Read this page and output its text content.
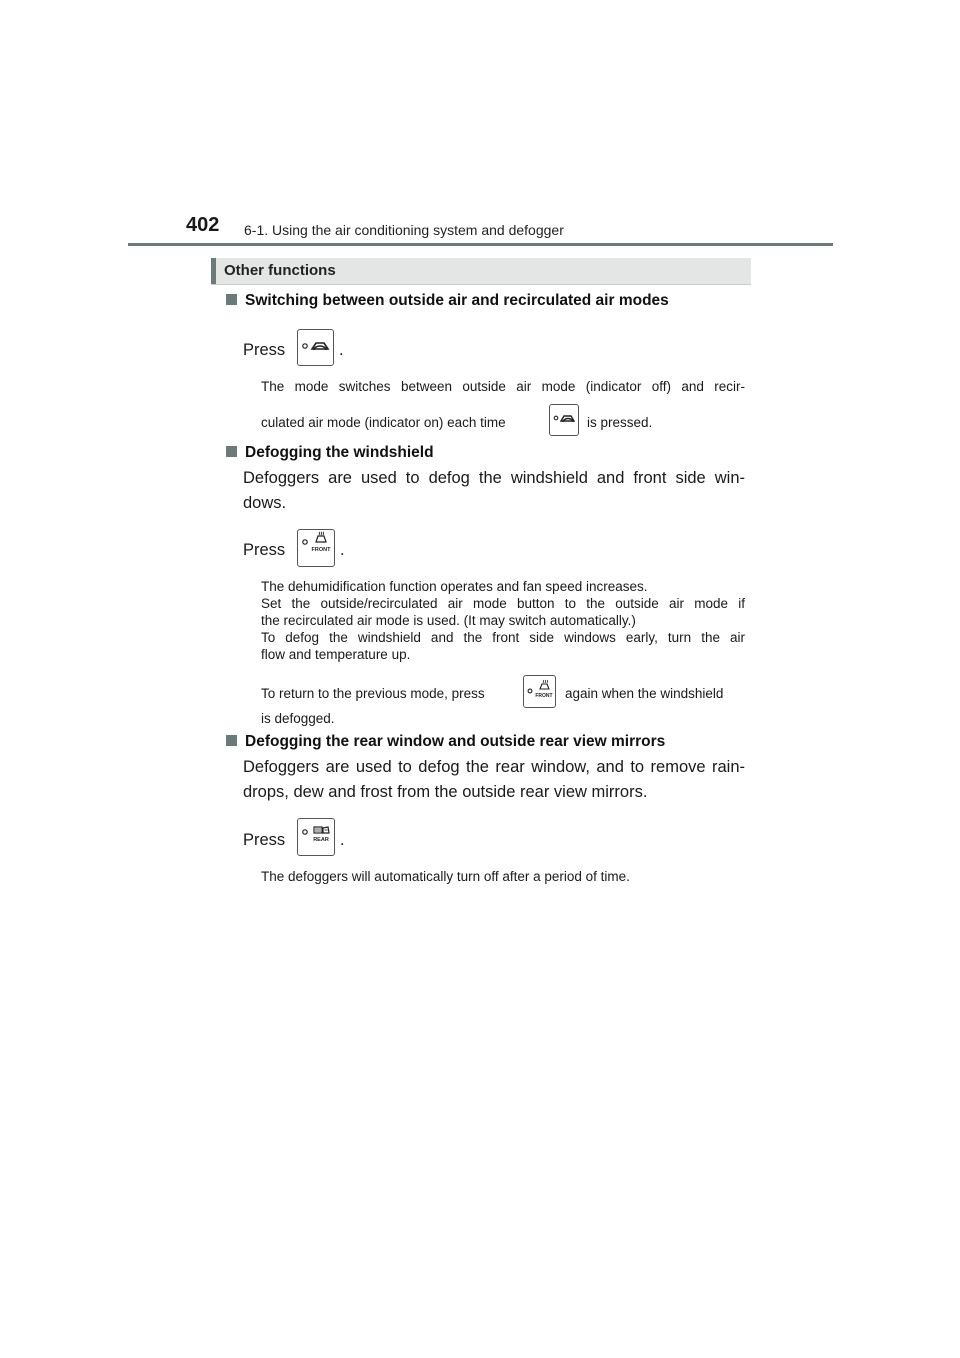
402 6-1. Using the air conditioning system and defogger
Other functions
Switching between outside air and recirculated air modes
Press	.
The mode switches between outside air mode (indicator off) and recir-
culated air mode (indicator on) each time	is pressed.
Defogging the windshield
Defoggers are used to defog the windshield and front side win-
dows.
Press	FRONT .
The dehumidification function operates and fan speed increases.
Set the outside/recirculated air mode button to the outside air mode if
the recirculated air mode is used. (It may switch automatically.)
To defog the windshield and the front side windows early, turn the air
flow and temperature up.
To return to the previous mode, press	FRONT again when the windshield
is defogged.
Defogging the rear window and outside rear view mirrors
Defoggers are used to defog the rear window, and to remove rain-
drops, dew and frost from the outside rear view mirrors.
Press	REAR .
The defoggers will automatically turn off after a period of time.
